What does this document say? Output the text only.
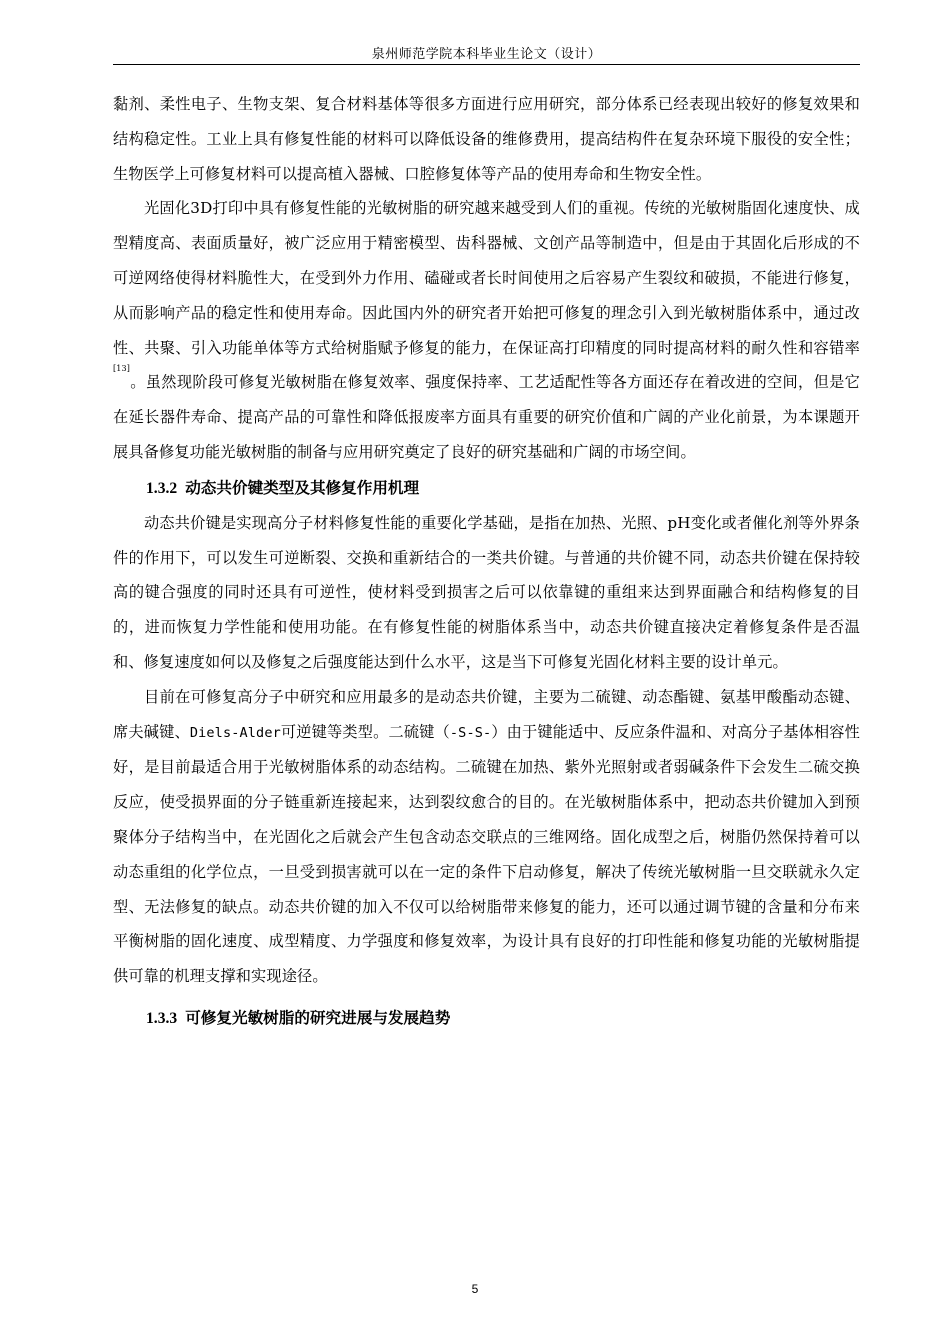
泉州师范学院本科毕业生论文（设计）

黏剂、柔性电子、生物支架、复合材料基体等很多方面进行应用研究，部分体系已经表现出较好的修复效果和结构稳定性。工业上具有修复性能的材料可以降低设备的维修费用，提高结构件在复杂环境下服役的安全性；生物医学上可修复材料可以提高植入器械、口腔修复体等产品的使用寿命和生物安全性。

光固化3D打印中具有修复性能的光敏树脂的研究越来越受到人们的重视。传统的光敏树脂固化速度快、成型精度高、表面质量好，被广泛应用于精密模型、齿科器械、文创产品等制造中，但是由于其固化后形成的不可逆网络使得材料脆性大，在受到外力作用、磕碰或者长时间使用之后容易产生裂纹和破损，不能进行修复，从而影响产品的稳定性和使用寿命。因此国内外的研究者开始把可修复的理念引入到光敏树脂体系中，通过改性、共聚、引入功能单体等方式给树脂赋予修复的能力，在保证高打印精度的同时提高材料的耐久性和容错率[13]。虽然现阶段可修复光敏树脂在修复效率、强度保持率、工艺适配性等各方面还存在着改进的空间，但是它在延长器件寿命、提高产品的可靠性和降低报废率方面具有重要的研究价值和广阔的产业化前景，为本课题开展具备修复功能光敏树脂的制备与应用研究奠定了良好的研究基础和广阔的市场空间。

1.3.2 动态共价键类型及其修复作用机理

动态共价键是实现高分子材料修复性能的重要化学基础，是指在加热、光照、pH变化或者催化剂等外界条件的作用下，可以发生可逆断裂、交换和重新结合的一类共价键。与普通的共价键不同，动态共价键在保持较高的键合强度的同时还具有可逆性，使材料受到损害之后可以依靠键的重组来达到界面融合和结构修复的目的，进而恢复力学性能和使用功能。在有修复性能的树脂体系当中，动态共价键直接决定着修复条件是否温和、修复速度如何以及修复之后强度能达到什么水平，这是当下可修复光固化材料主要的设计单元。

目前在可修复高分子中研究和应用最多的是动态共价键，主要为二硫键、动态酯键、氨基甲酸酯动态键、席夫碱键、Diels-Alder可逆键等类型。二硫键（-S-S-）由于键能适中、反应条件温和、对高分子基体相容性好，是目前最适合用于光敏树脂体系的动态结构。二硫键在加热、紫外光照射或者弱碱条件下会发生二硫交换反应，使受损界面的分子链重新连接起来，达到裂纹愈合的目的。在光敏树脂体系中，把动态共价键加入到预聚体分子结构当中，在光固化之后就会产生包含动态交联点的三维网络。固化成型之后，树脂仍然保持着可以动态重组的化学位点，一旦受到损害就可以在一定的条件下启动修复，解决了传统光敏树脂一旦交联就永久定型、无法修复的缺点。动态共价键的加入不仅可以给树脂带来修复的能力，还可以通过调节键的含量和分布来平衡树脂的固化速度、成型精度、力学强度和修复效率，为设计具有良好的打印性能和修复功能的光敏树脂提供可靠的机理支撑和实现途径。

1.3.3 可修复光敏树脂的研究进展与发展趋势
5
